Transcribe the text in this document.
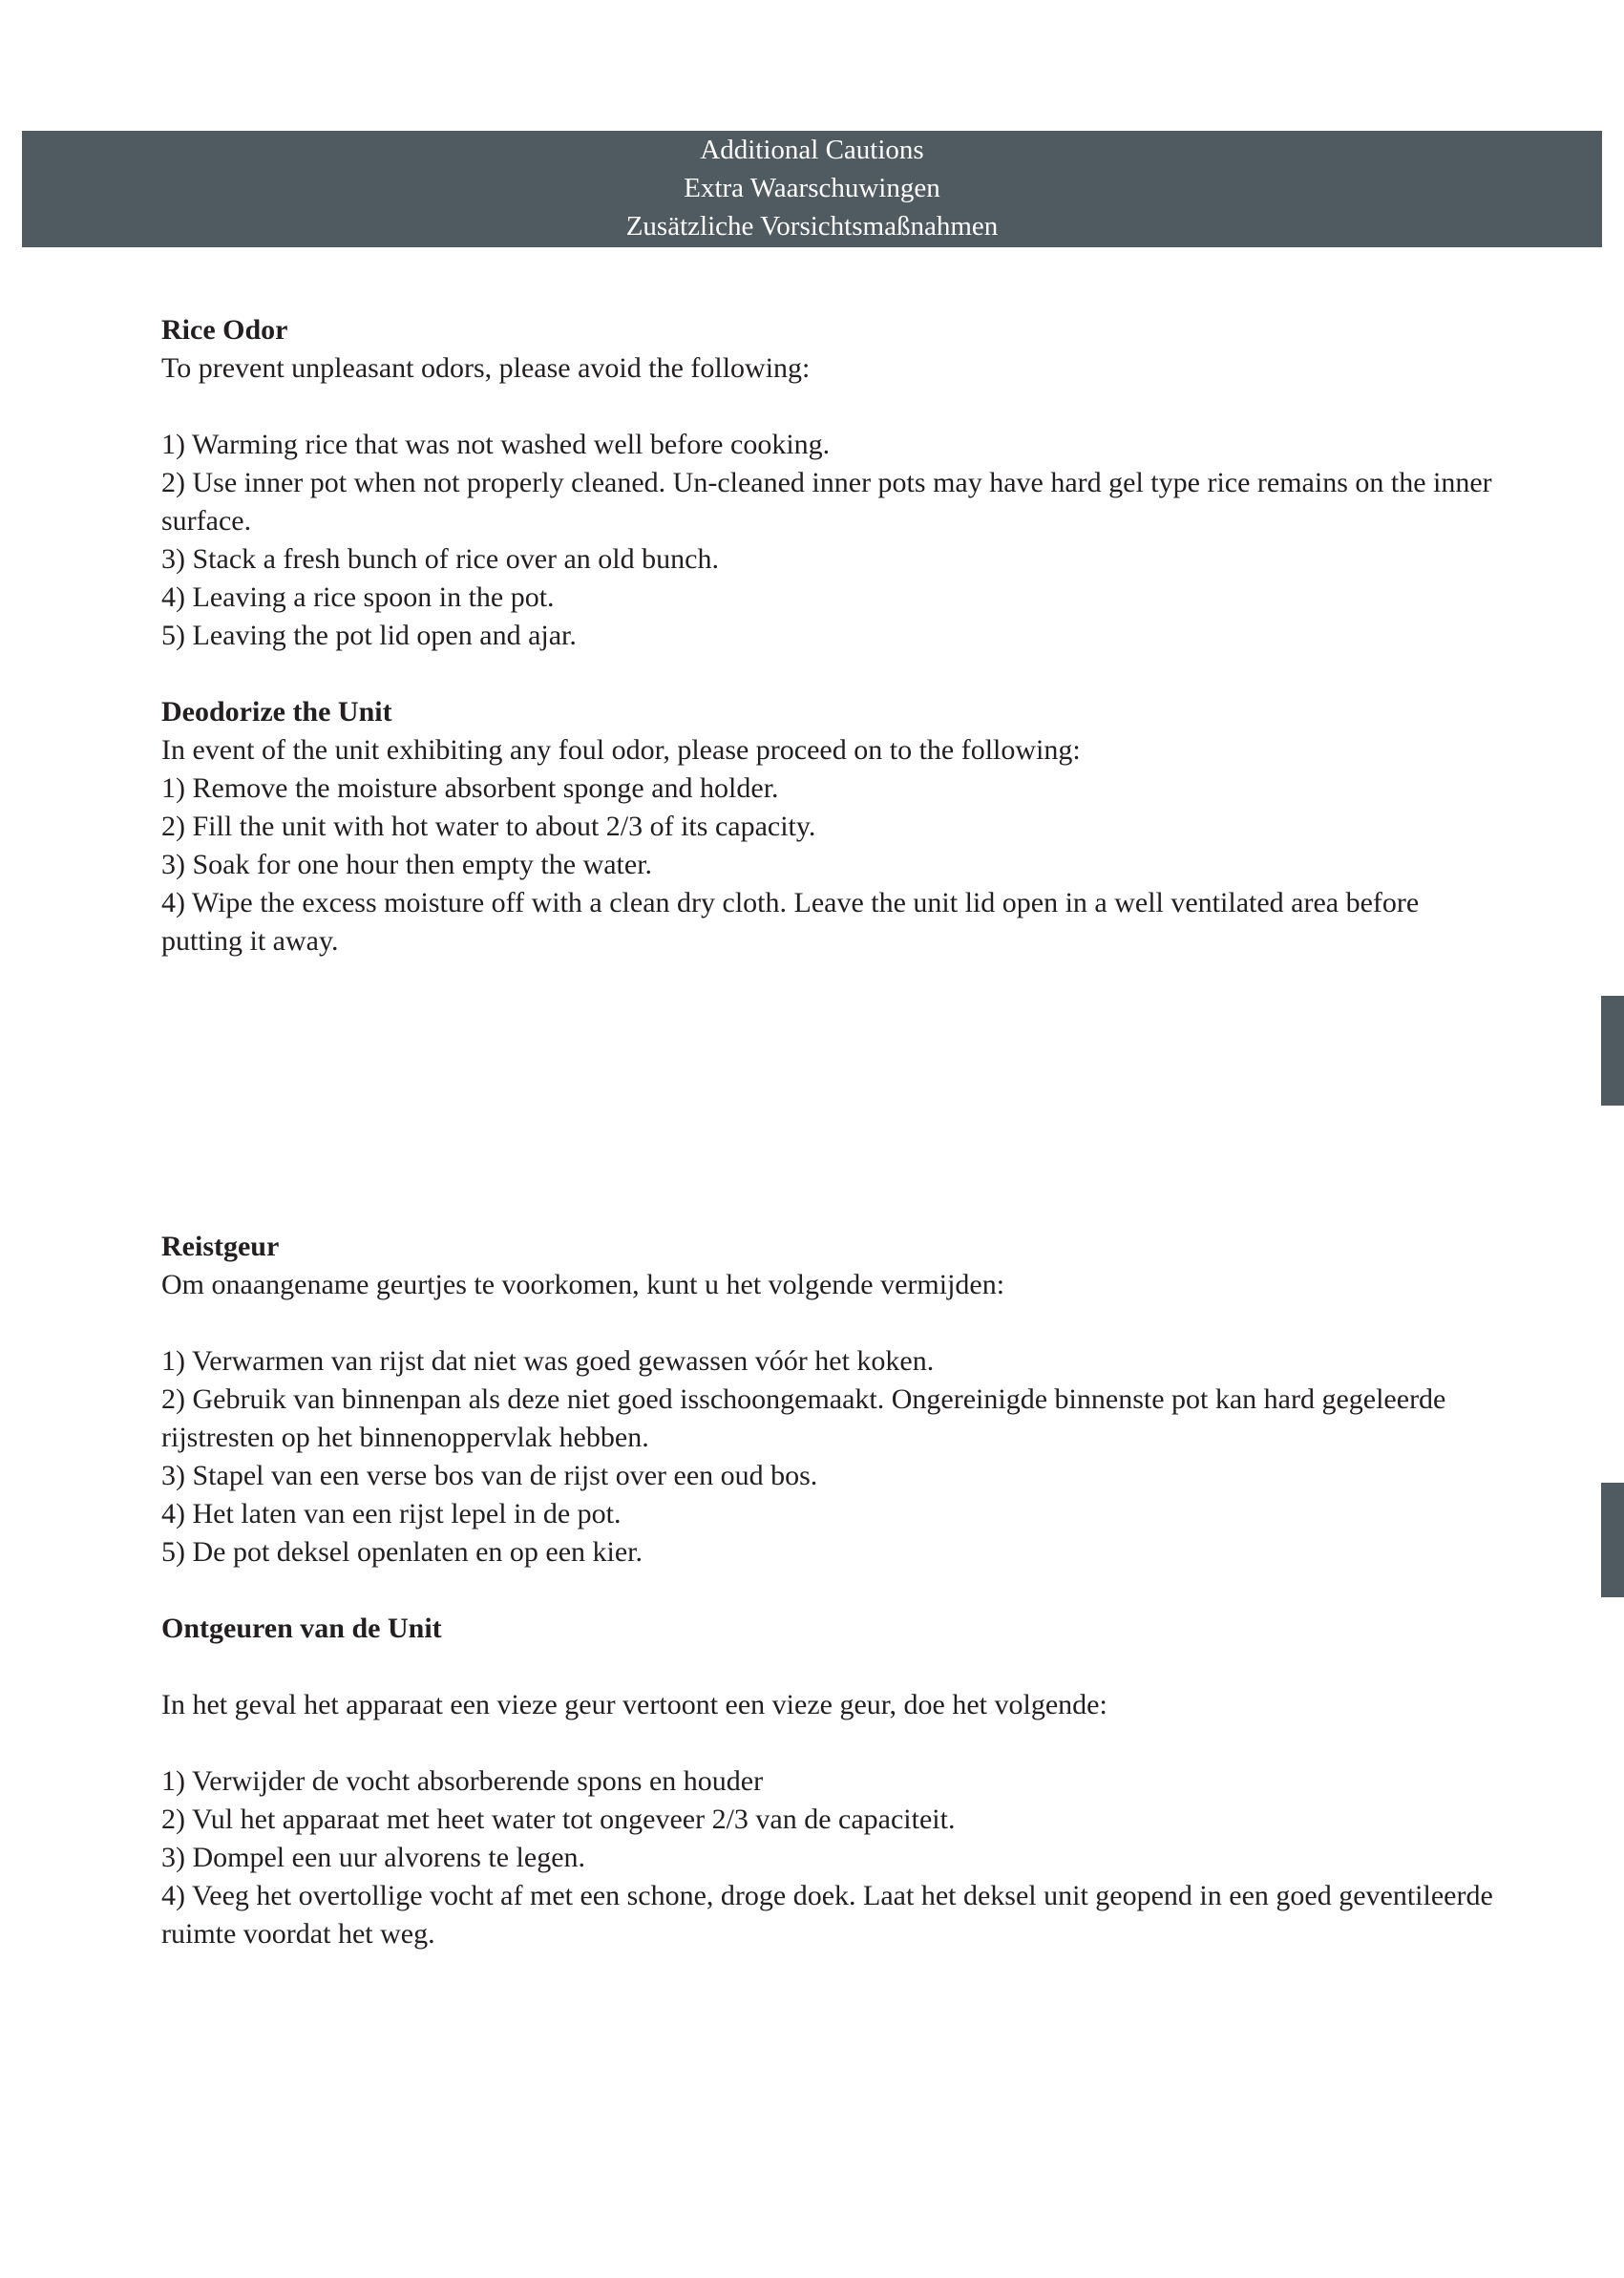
Additional Cautions
Extra Waarschuwingen
Zusätzliche Vorsichtsmaßnahmen

Rice Odor

To prevent unpleasant odors, please avoid the following:

1) Warming rice that was not washed well before cooking.

2) Use inner pot when not properly cleaned. Un-cleaned inner pots may have hard gel type rice remains on the inner surface.

3) Stack a fresh bunch of rice over an old bunch.

4) Leaving a rice spoon in the pot.

5) Leaving the pot lid open and ajar.

Deodorize the Unit

In event of the unit exhibiting any foul odor, please proceed on to the following:

1) Remove the moisture absorbent sponge and holder.

2) Fill the unit with hot water to about 2/3 of its capacity.

3) Soak for one hour then empty the water.

4) Wipe the excess moisture off with a clean dry cloth. Leave the unit lid open in a well ventilated area before putting it away.

Reistgeur

Om onaangename geurtjes te voorkomen, kunt u het volgende vermijden:

1) Verwarmen van rijst dat niet was goed gewassen vóór het koken.

2) Gebruik van binnenpan als deze niet goed isschoongemaakt. Ongereinigde binnenste pot kan hard gegeleerde rijstresten op het binnenoppervlak hebben.

3) Stapel van een verse bos van de rijst over een oud bos.

4) Het laten van een rijst lepel in de pot.

5) De pot deksel openlaten en op een kier.

Ontgeuren van de Unit

In het geval het apparaat een vieze geur vertoont een vieze geur, doe het volgende:

1) Verwijder de vocht absorberende spons en houder

2) Vul het apparaat met heet water tot ongeveer 2/3 van de capaciteit.

3) Dompel een uur alvorens te legen.

4) Veeg het overtollige vocht af met een schone, droge doek. Laat het deksel unit geopend in een goed geventileerde ruimte voordat het weg.
